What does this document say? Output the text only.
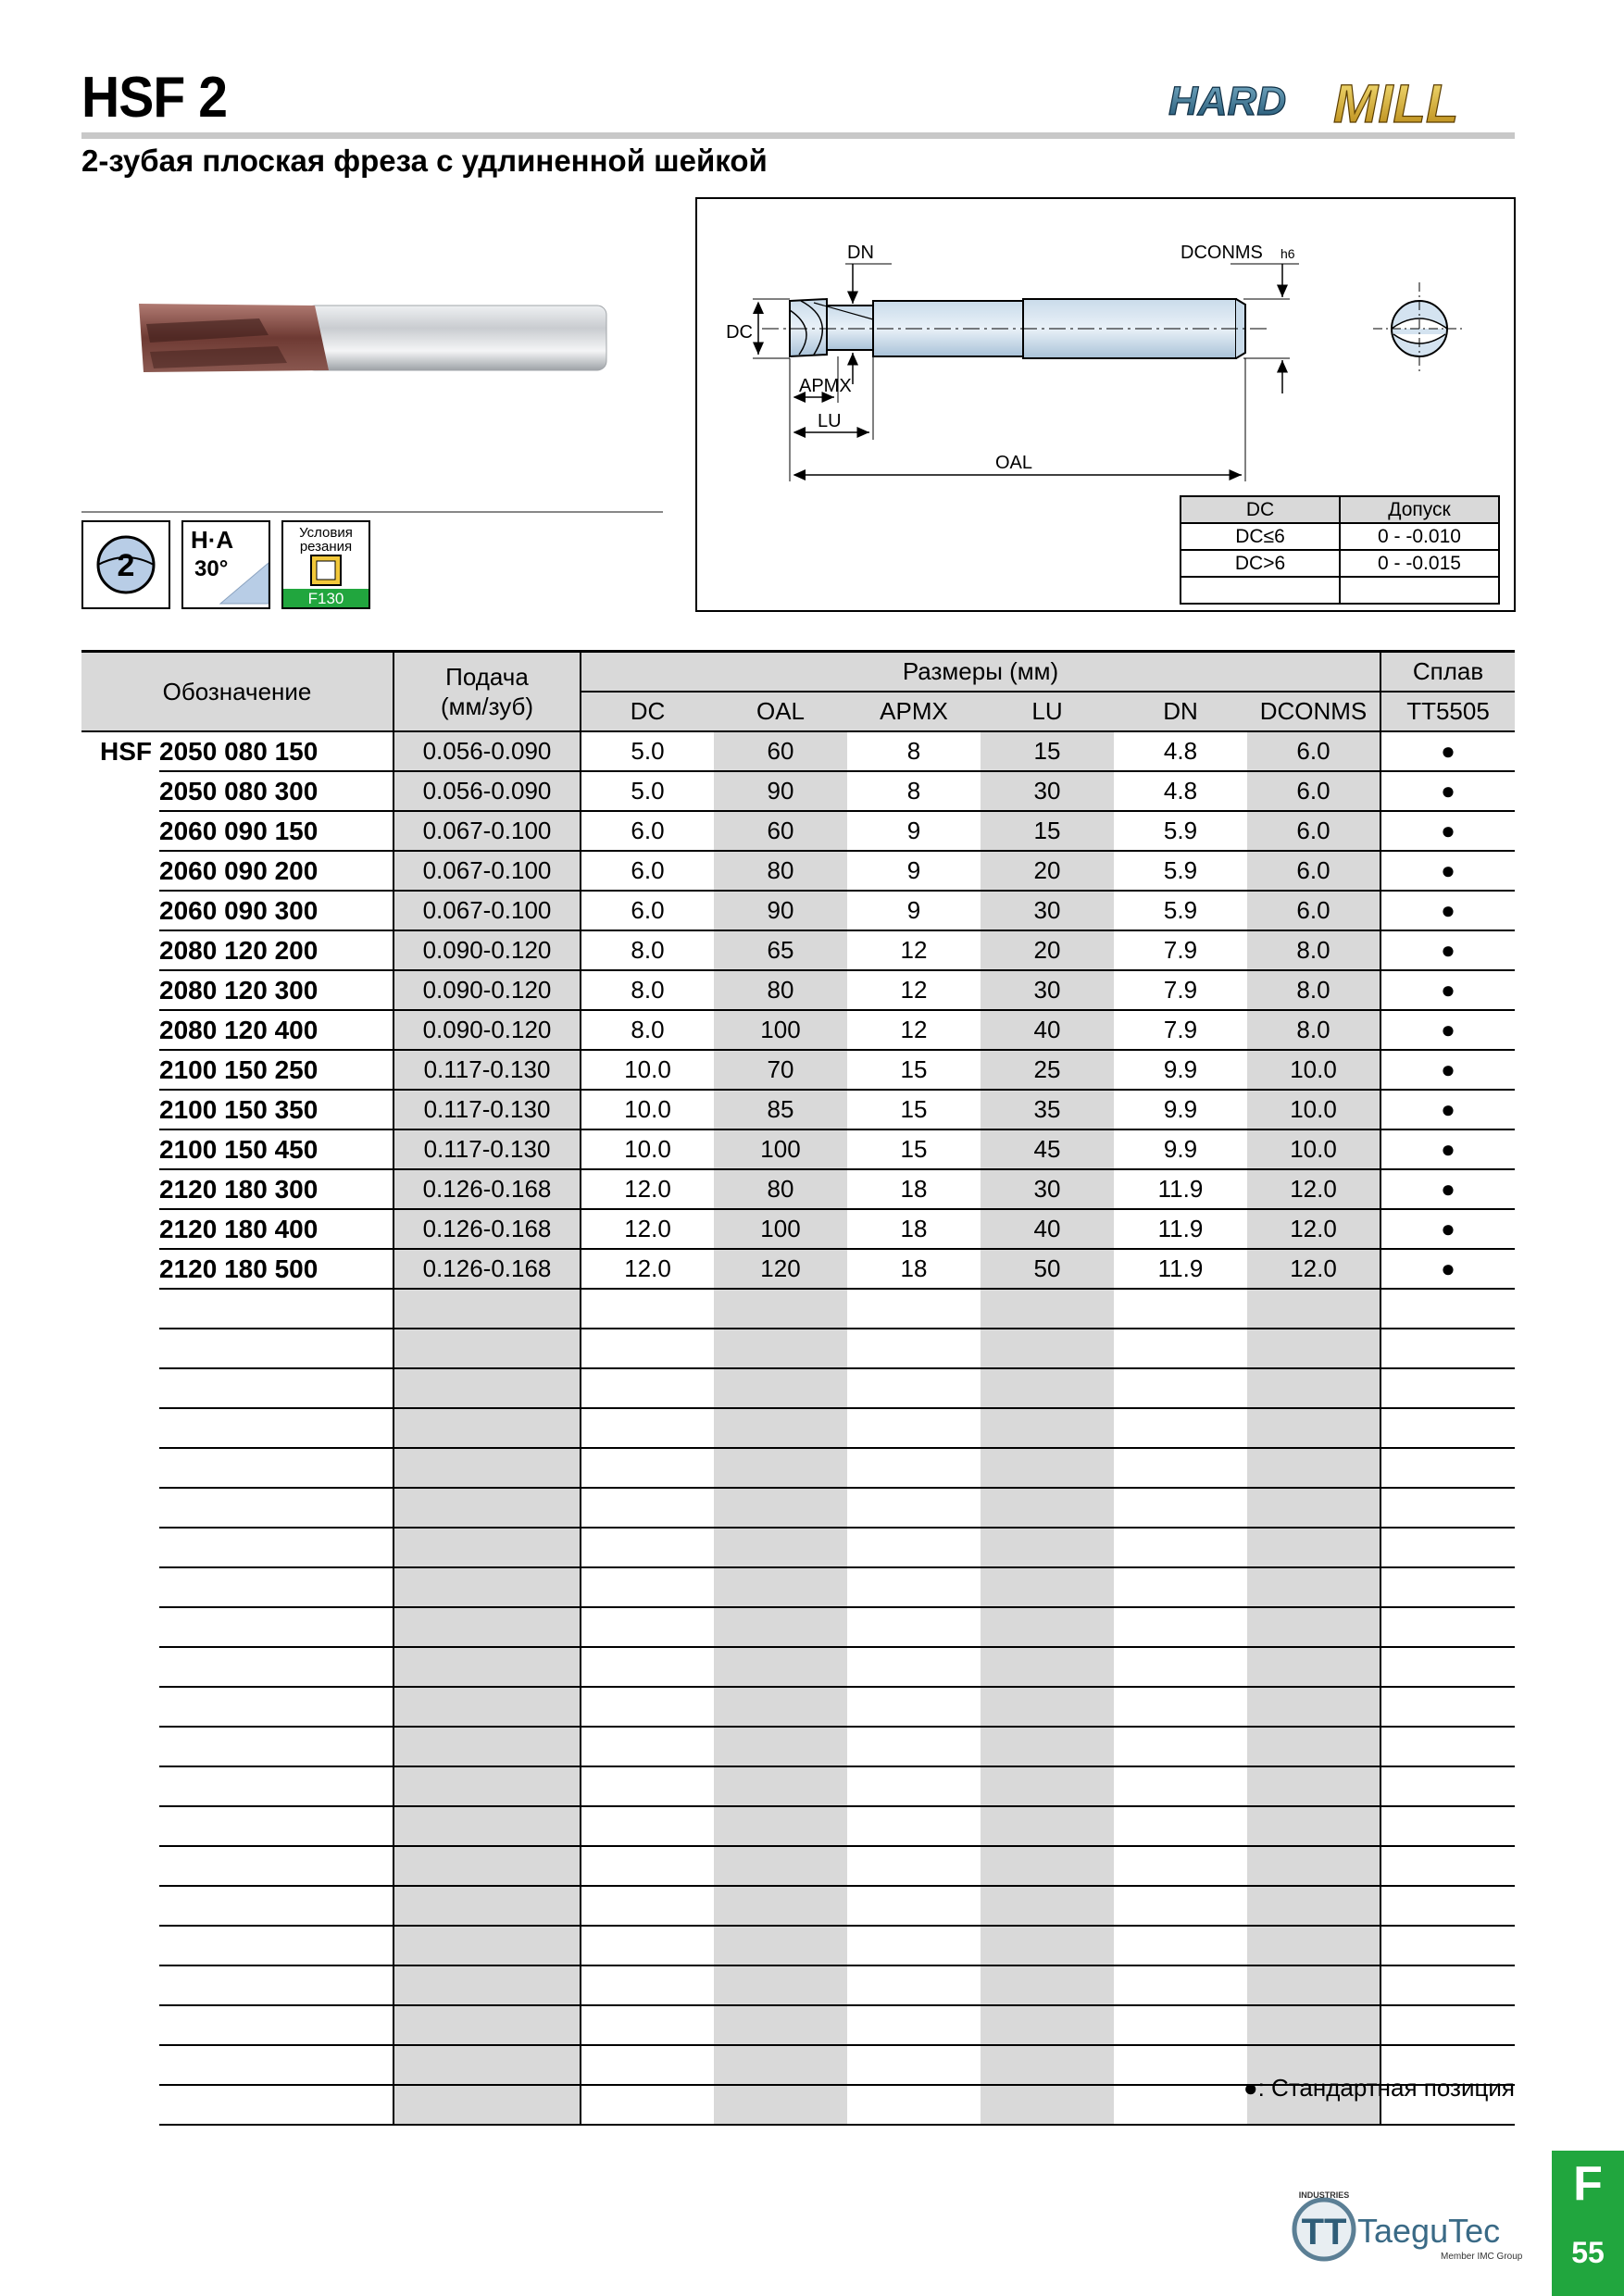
HSF 2
2-зубая плоская фреза с удлиненной шейкой
HARD MILL
2
H·A
30°
Условия
резания
F130
DC
DN	DCONMS h6
APMX
LU
OAL
DC	Допуск
DC≤6	0 - -0.010
DC>6	0 - -0.015

Обозначение		Подача
(мм/зуб)	Размеры (мм)						Сплав
			DC	OAL	APMX	LU	DN	DCONMS	TT5505
HSF	2050 080 150	0.056-0.090	5.0	60	8	15	4.8	6.0	●
	2050 080 300	0.056-0.090	5.0	90	8	30	4.8	6.0	●
	2060 090 150	0.067-0.100	6.0	60	9	15	5.9	6.0	●
	2060 090 200	0.067-0.100	6.0	80	9	20	5.9	6.0	●
	2060 090 300	0.067-0.100	6.0	90	9	30	5.9	6.0	●
	2080 120 200	0.090-0.120	8.0	65	12	20	7.9	8.0	●
	2080 120 300	0.090-0.120	8.0	80	12	30	7.9	8.0	●
	2080 120 400	0.090-0.120	8.0	100	12	40	7.9	8.0	●
	2100 150 250	0.117-0.130	10.0	70	15	25	9.9	10.0	●
	2100 150 350	0.117-0.130	10.0	85	15	35	9.9	10.0	●
	2100 150 450	0.117-0.130	10.0	100	15	45	9.9	10.0	●
	2120 180 300	0.126-0.168	12.0	80	18	30	11.9	12.0	●
	2120 180 400	0.126-0.168	12.0	100	18	40	11.9	12.0	●
	2120 180 500	0.126-0.168	12.0	120	18	50	11.9	12.0	●

●: Стандартная позиция
TT
INDUSTRIES
TaeguTec
Member IMC Group
F
55
